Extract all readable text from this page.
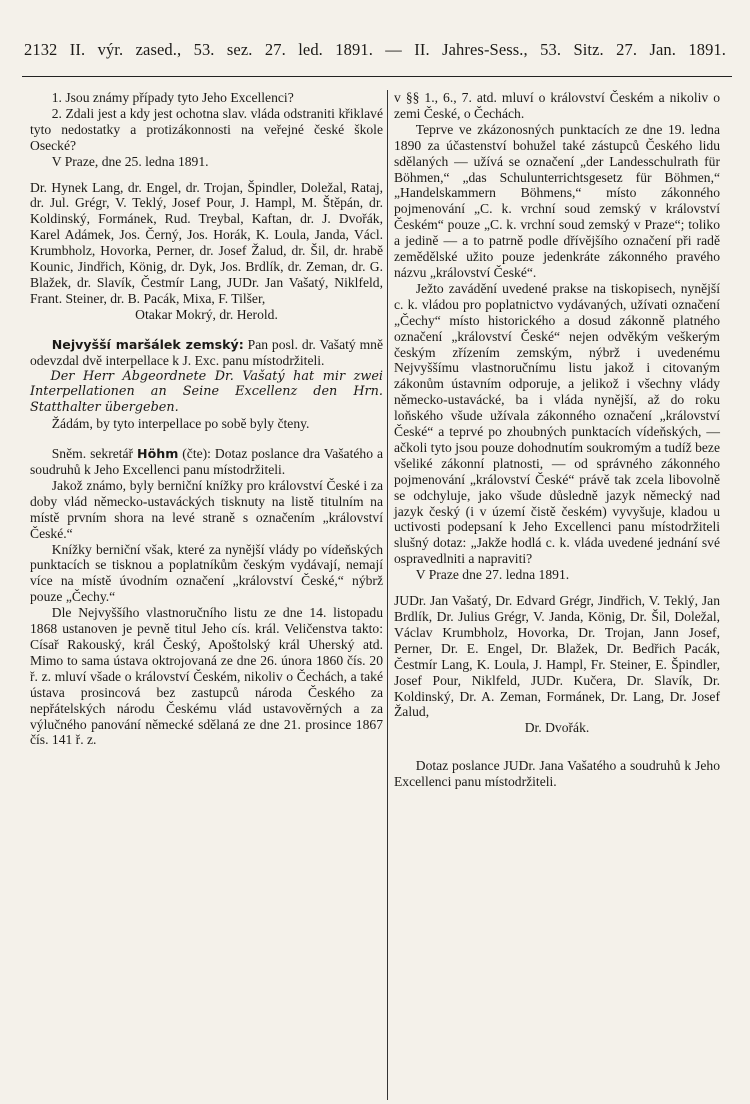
2132 II. výr. zased., 53. sez. 27. led. 1891. — II. Jahres-Sess., 53. Sitz. 27. Jan. 1891.

1. Jsou známy případy tyto Jeho Excellenci?

2. Zdali jest a kdy jest ochotna slav. vláda odstraniti křiklavé tyto nedostatky a protizákonnosti na veřejné české škole Osecké?

V Praze, dne 25. ledna 1891.

Dr. Hynek Lang, dr. Engel, dr. Trojan, Špindler, Doležal, Rataj, dr. Jul. Grégr, V. Teklý, Josef Pour, J. Hampl, M. Štěpán, dr. Koldinský, Formánek, Rud. Treybal, Kaftan, dr. J. Dvořák, Karel Adámek, Jos. Černý, Jos. Horák, K. Loula, Janda, Václ. Krumbholz, Hovorka, Perner, dr. Josef Žalud, dr. Šil, dr. hrabě Kounic, Jindřich, König, dr. Dyk, Jos. Brdlík, dr. Zeman, dr. G. Blažek, dr. Slavík, Čestmír Lang, JUDr. Jan Vašatý, Niklfeld, Frant. Steiner, dr. B. Pacák, Mixa, F. Tilšer,

Otakar Mokrý, dr. Herold.

Nejvyšší maršálek zemský: Pan posl. dr. Vašatý mně odevzdal dvě interpellace k J. Exc. panu místodržiteli.

Der Herr Abgeordnete Dr. Vašatý hat mir zwei Interpellationen an Seine Excellenz den Hrn. Statthalter übergeben.

Žádám, by tyto interpellace po sobě byly čteny.

Sněm. sekretář Höhm (čte): Dotaz poslance dra Vašatého a soudruhů k Jeho Excellenci panu místodržiteli.

Jakož známo, byly berniční knížky pro království České i za doby vlád německo-ustaváckých tisknuty na listě titulním na místě prvním shora na levé straně s označením „království České.“

Knížky berniční však, které za nynější vlády po vídeňských punktacích se tisknou a poplatníkům českým vydávají, nemají více na místě úvodním označení „království České,“ nýbrž pouze „Čechy.“

Dle Nejvyššího vlastnoručního listu ze dne 14. listopadu 1868 ustanoven je pevně titul Jeho cís. král. Veličenstva takto: Císař Rakouský, král Český, Apoštolský král Uherský atd. Mimo to sama ústava oktrojovaná ze dne 26. února 1860 čís. 20 ř. z. mluví všade o království Českém, nikoliv o Čechách, a také ústava prosincová bez zastupců národa Českého za nepřátelských národu Českému vlád ustavověrných a za výlučného panování německé sdělaná ze dne 21. prosince 1867 čís. 141 ř. z.

v §§ 1., 6., 7. atd. mluví o království Českém a nikoliv o zemi České, o Čechách.

Teprve ve zkázonosných punktacích ze dne 19. ledna 1890 za účastenství bohužel také zástupců Českého lidu sdělaných — užívá se označení „der Landesschulrath für Böhmen,“ „das Schulunterrichtsgesetz für Böhmen,“ „Handelskammern Böhmens,“ místo zákonného pojmenování „C. k. vrchní soud zemský v království Českém“ pouze „C. k. vrchní soud zemský v Praze“; toliko a jedině — a to patrně podle dřívějšího označení při radě zemědělské užito pouze jedenkráte zákonného pravého názvu „království České“.

Ježto zavádění uvedené prakse na tiskopisech, nynější c. k. vládou pro poplatnictvo vydávaných, užívati označení „Čechy“ místo historického a dosud zákonně platného označení „království České“ nejen odvěkým veškerým českým zřízením zemským, nýbrž i uvedenému Nejvyššímu vlastnoručnímu listu jakož i citovaným zákonům ústavním odporuje, a jelikož i všechny vlády německo-ustavácké, ba i vláda nynější, až do roku loňského všude užívala zákonného označení „království České“ a teprvé po zhoubných punktacích vídeňských, — ačkoli tyto jsou pouze dohodnutím soukromým a tudíž beze všeliké zákonní platnosti, — od správného zákonného pojmenování „království České“ právě tak zcela libovolně se odchyluje, jako všude důsledně jazyk německý nad jazyk český (i v území čistě českém) vyvyšuje, kladou u uctivosti podepsaní k Jeho Excellenci panu místodržiteli slušný dotaz: „Jakže hodlá c. k. vláda uvedené jednání své ospravedlniti a napraviti?

V Praze dne 27. ledna 1891.

JUDr. Jan Vašatý, Dr. Edvard Grégr, Jindřich, V. Teklý, Jan Brdlík, Dr. Julius Grégr, V. Janda, König, Dr. Šil, Doležal, Václav Krumbholz, Hovorka, Dr. Trojan, Jann Josef, Perner, Dr. E. Engel, Dr. Blažek, Dr. Bedřich Pacák, Čestmír Lang, K. Loula, J. Hampl, Fr. Steiner, E. Špindler, Josef Pour, Niklfeld, JUDr. Kučera, Dr. Slavík, Dr. Koldinský, Dr. A. Zeman, Formánek, Dr. Lang, Dr. Josef Žalud,

Dr. Dvořák.

Dotaz poslance JUDr. Jana Vašatého a soudruhů k Jeho Excellenci panu místodržiteli.
